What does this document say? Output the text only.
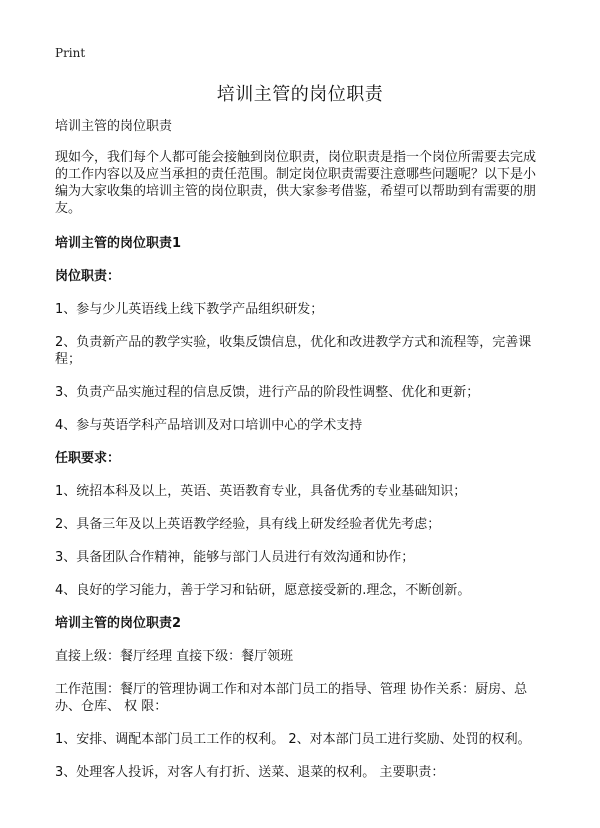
Print
培训主管的岗位职责

培训主管的岗位职责

现如今，我们每个人都可能会接触到岗位职责，岗位职责是指一个岗位所需要去完成的工作内容以及应当承担的责任范围。制定岗位职责需要注意哪些问题呢？以下是小编为大家收集的培训主管的岗位职责，供大家参考借鉴，希望可以帮助到有需要的朋友。

培训主管的岗位职责1

岗位职责：

1、参与少儿英语线上线下教学产品组织研发；

2、负责新产品的教学实验，收集反馈信息，优化和改进教学方式和流程等，完善课程；

3、负责产品实施过程的信息反馈，进行产品的阶段性调整、优化和更新；

4、参与英语学科产品培训及对口培训中心的学术支持

任职要求：

1、统招本科及以上，英语、英语教育专业，具备优秀的专业基础知识；

2、具备三年及以上英语教学经验，具有线上研发经验者优先考虑；

3、具备团队合作精神，能够与部门人员进行有效沟通和协作；

4、良好的学习能力，善于学习和钻研，愿意接受新的.理念，不断创新。

培训主管的岗位职责2

直接上级：餐厅经理 直接下级：餐厅领班

工作范围：餐厅的管理协调工作和对本部门员工的指导、管理 协作关系：厨房、总办、仓库、 权 限：

1、安排、调配本部门员工工作的权利。 2、对本部门员工进行奖励、处罚的权利。

3、处理客人投诉，对客人有打折、送菜、退菜的权利。 主要职责：
